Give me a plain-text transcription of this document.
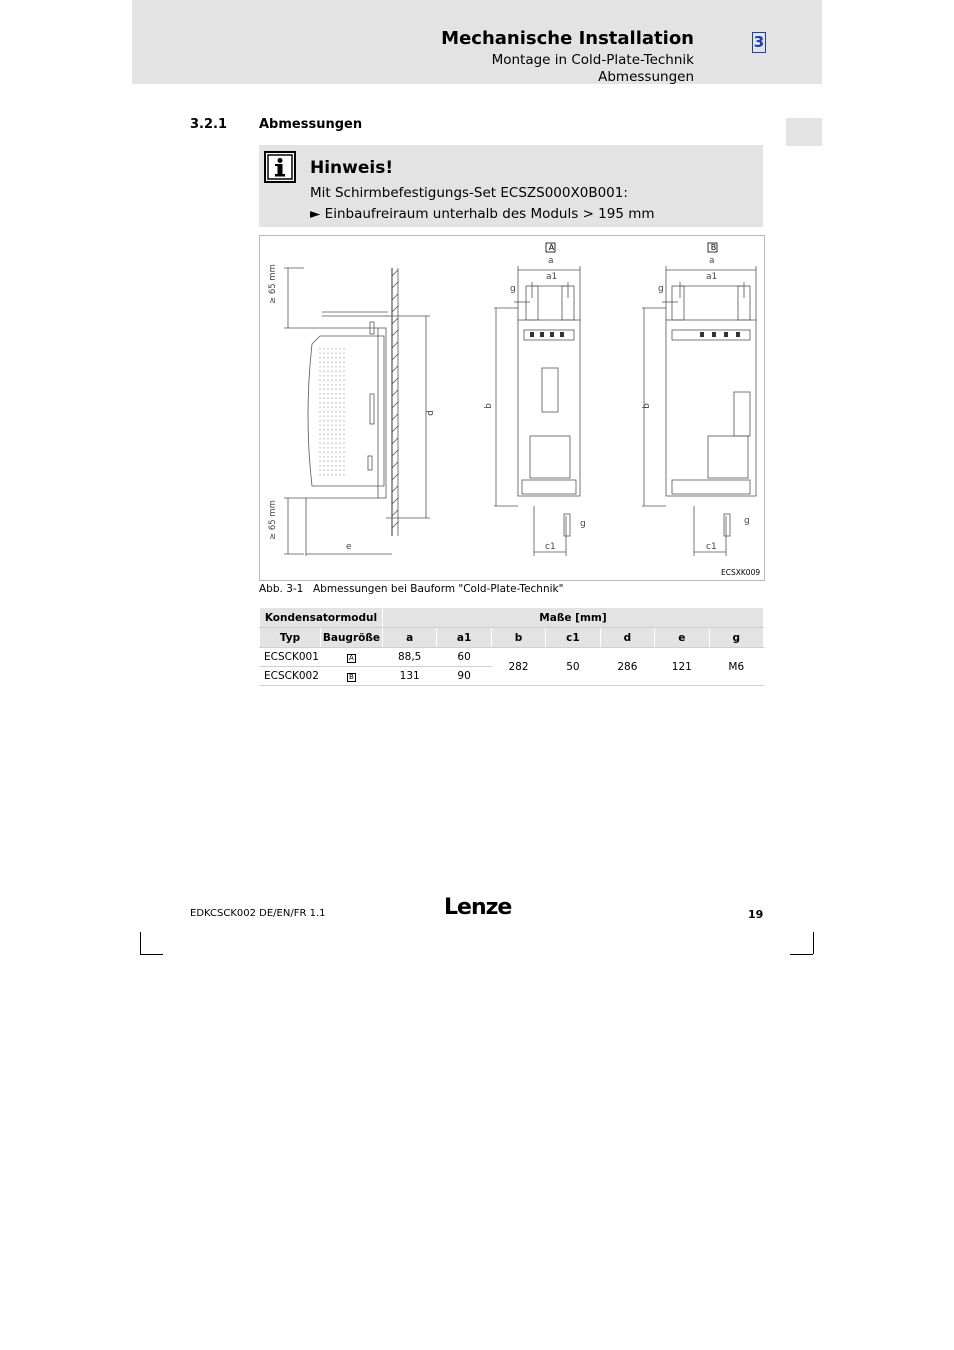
Mechanische Installation
Montage in Cold-Plate-Technik
Abmessungen
3
3.2.1 Abmessungen
Hinweis!
Mit Schirmbefestigungs-Set ECSZS000X0B001:
► Einbaufreiraum unterhalb des Moduls > 195 mm
A	B
≥ 65 mm
≥ 65 mm
e
d
a
a1
g
b
c1
g
a
a1
g
b
c1
g
ECSXK009
Abb. 3-1 Abmessungen bei Bauform "Cold-Plate-Technik"
Kondensatormodul		Maße [mm]						
Typ	Baugröße	a	a1	b	c1	d	e	g
ECSCK001	A	88,5	60	282	50	286	121	M6
ECSCK002	B	131	90					
EDKCSCK002 DE/EN/FR 1.1	Lenze	19
